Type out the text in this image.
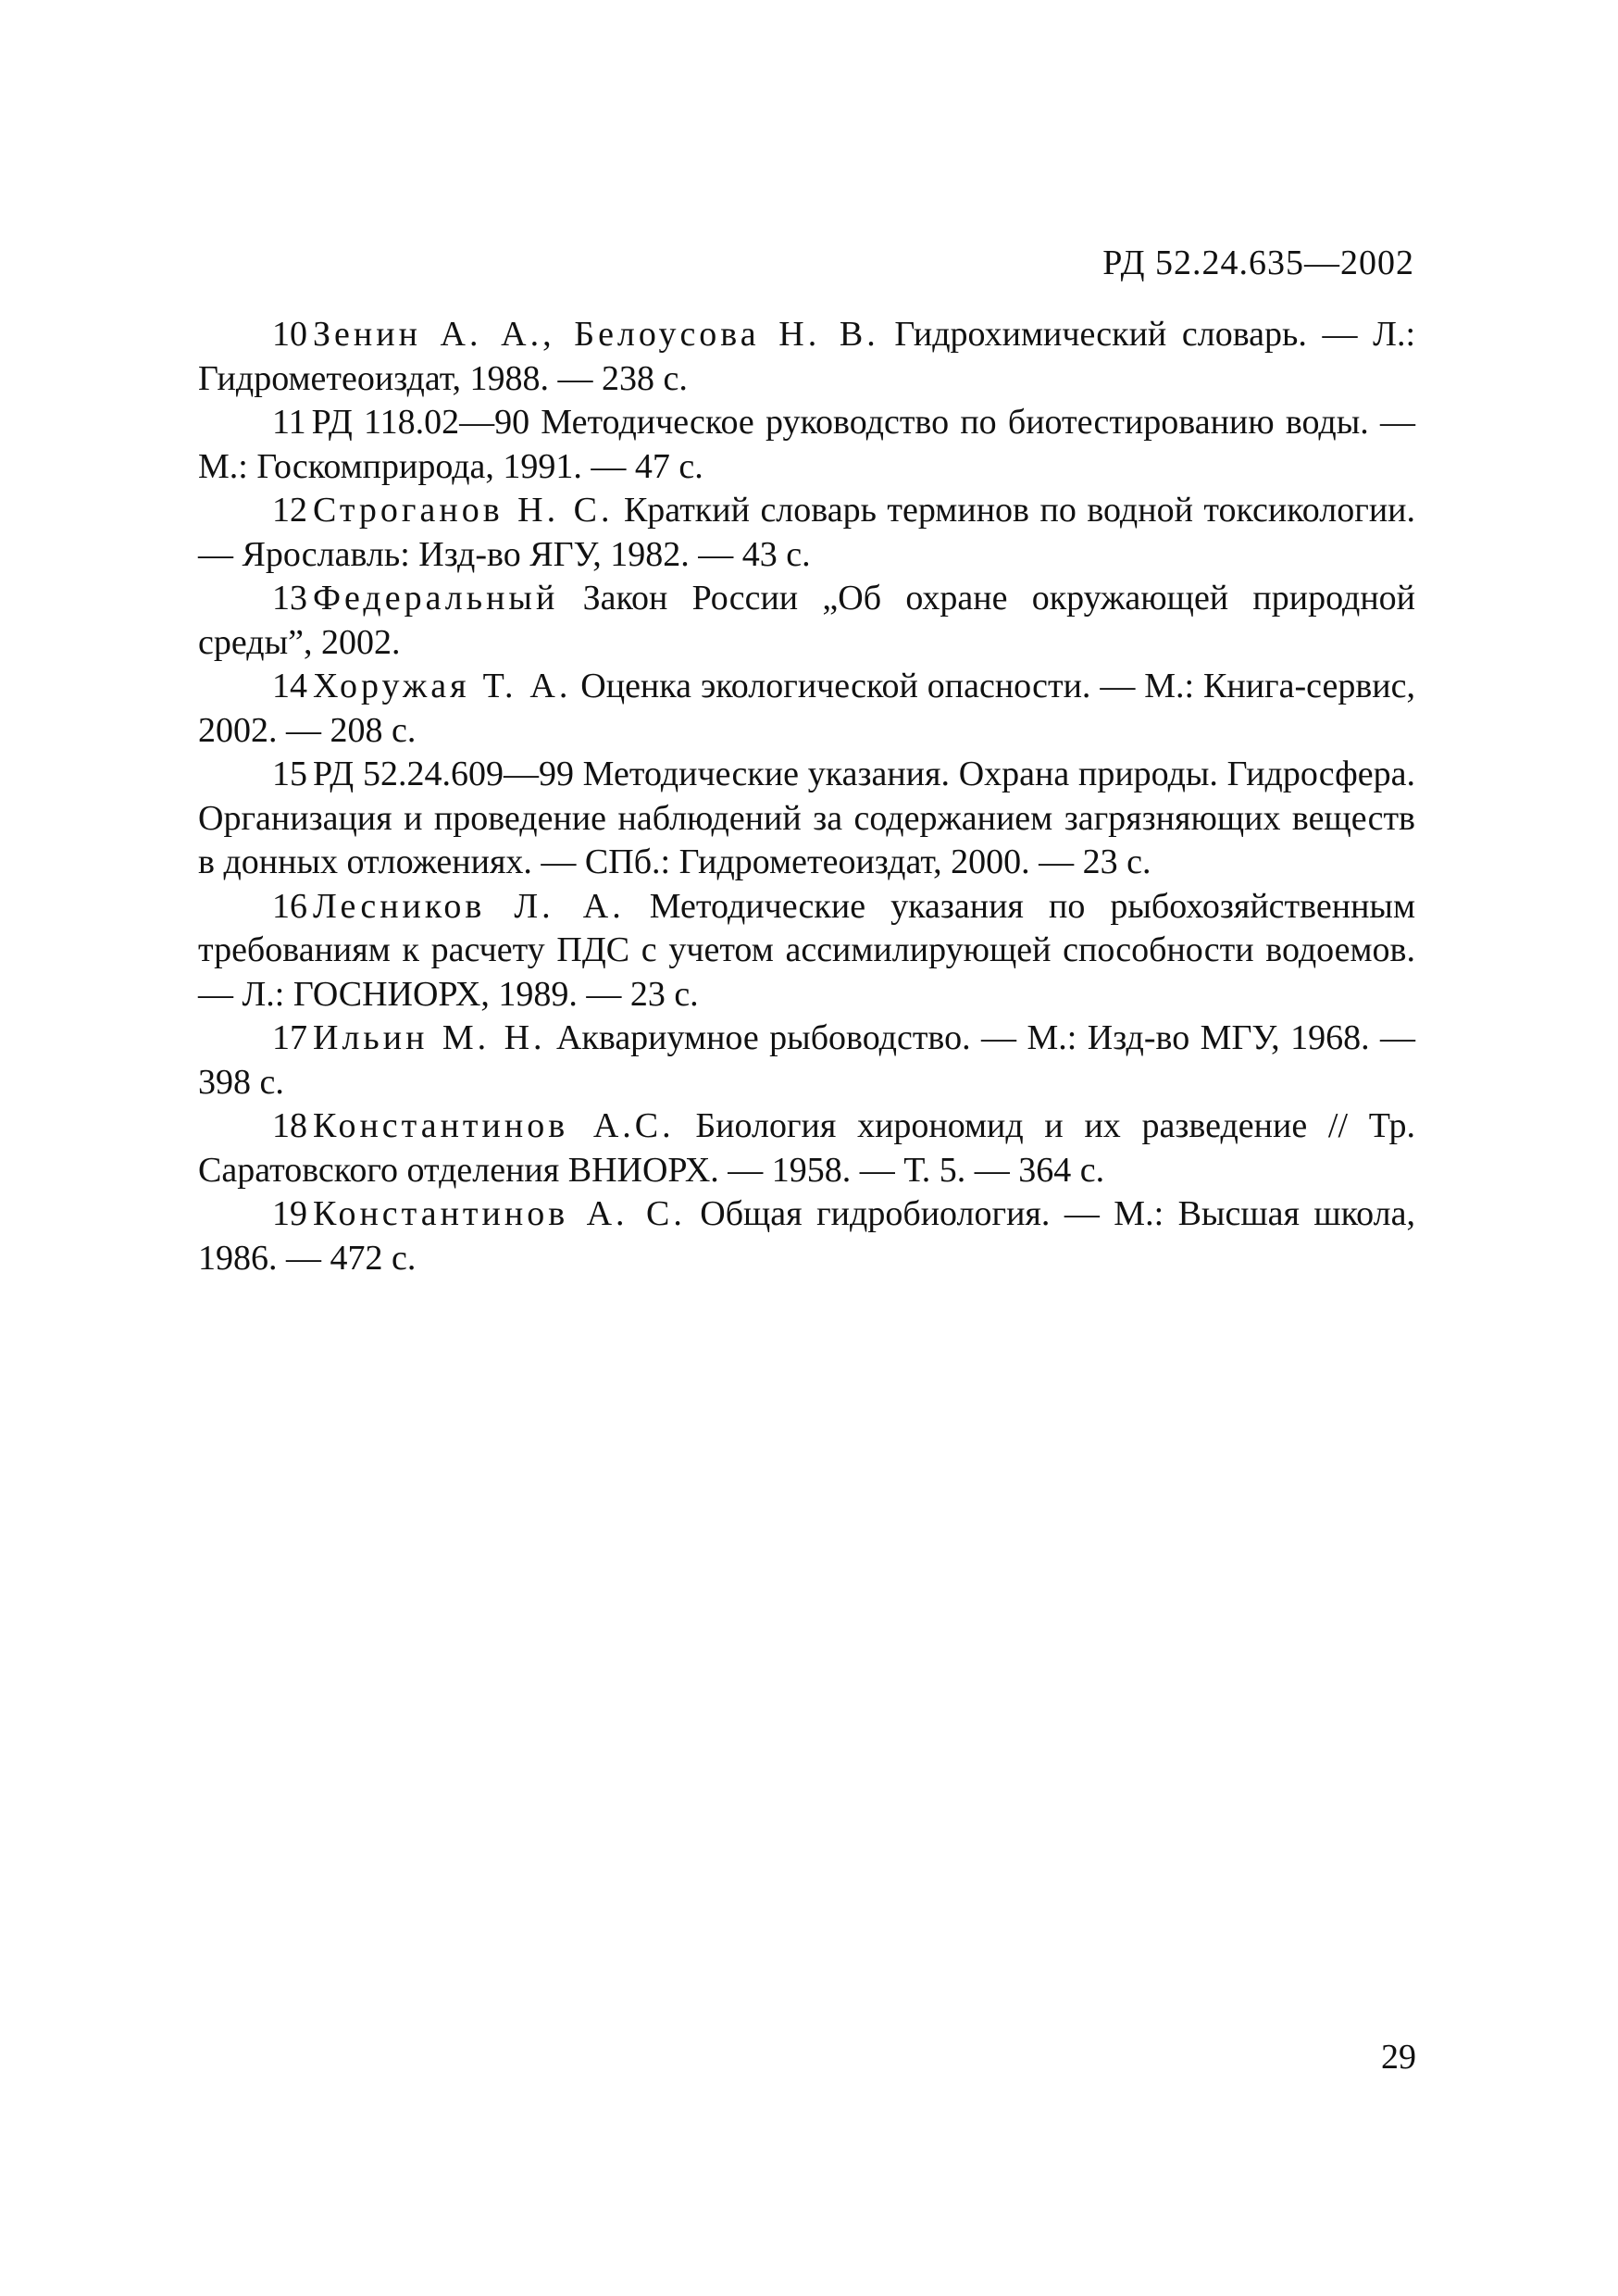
РД 52.24.635—2002

10 Зенин А. А., Белоусова Н. В. Гидрохимический словарь. — Л.: Гидрометеоиздат, 1988. — 238 с.

11 РД 118.02—90 Методическое руководство по биотестированию воды. — М.: Госкомприрода, 1991. — 47 с.

12 Строганов Н. С. Краткий словарь терминов по водной токсикологии. — Ярославль: Изд-во ЯГУ, 1982. — 43 с.

13 Федеральный Закон России „Об охране окружающей природной среды”, 2002.

14 Хоружая Т. А. Оценка экологической опасности. — М.: Книга-сервис, 2002. — 208 с.

15 РД 52.24.609—99 Методические указания. Охрана природы. Гидросфера. Организация и проведение наблюдений за содержанием загрязняющих веществ в донных отложениях. — СПб.: Гидрометеоиздат, 2000. — 23 с.

16 Лесников Л. А. Методические указания по рыбохозяйственным требованиям к расчету ПДС с учетом ассимилирующей способности водоемов. — Л.: ГОСНИОРХ, 1989. — 23 с.

17 Ильин М. Н. Аквариумное рыбоводство. — М.: Изд-во МГУ, 1968. — 398 с.

18 Константинов А.С. Биология хирономид и их разведение // Тр. Саратовского отделения ВНИОРХ. — 1958. — Т. 5. — 364 с.

19 Константинов А. С. Общая гидробиология. — М.: Высшая школа, 1986. — 472 с.

29
